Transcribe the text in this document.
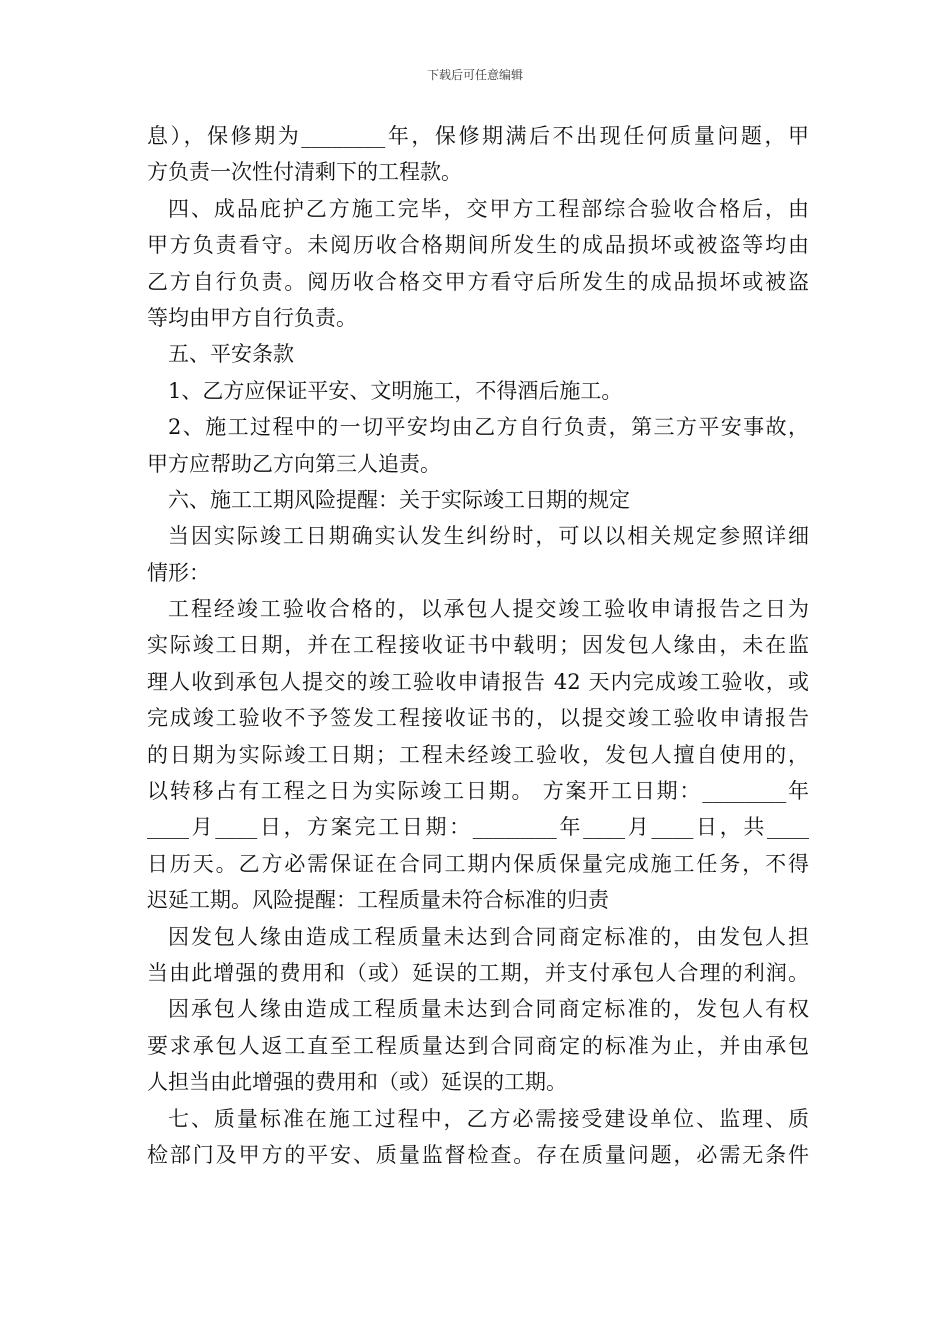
下载后可任意编辑
息），保修期为________年，保修期满后不出现任何质量问题，甲
方负责一次性付清剩下的工程款。
四、成品庇护乙方施工完毕，交甲方工程部综合验收合格后，由
甲方负责看守。未阅历收合格期间所发生的成品损坏或被盗等均由
乙方自行负责。阅历收合格交甲方看守后所发生的成品损坏或被盗
等均由甲方自行负责。
五、平安条款
1、乙方应保证平安、文明施工，不得酒后施工。
2、施工过程中的一切平安均由乙方自行负责，第三方平安事故，
甲方应帮助乙方向第三人追责。
六、施工工期风险提醒：关于实际竣工日期的规定
当因实际竣工日期确实认发生纠纷时，可以以相关规定参照详细
情形：
工程经竣工验收合格的，以承包人提交竣工验收申请报告之日为
实际竣工日期，并在工程接收证书中载明；因发包人缘由，未在监
理人收到承包人提交的竣工验收申请报告 42 天内完成竣工验收，或
完成竣工验收不予签发工程接收证书的，以提交竣工验收申请报告
的日期为实际竣工日期；工程未经竣工验收，发包人擅自使用的，
以转移占有工程之日为实际竣工日期。 方案开工日期：________年
____月____日，方案完工日期：________年____月____日，共____
日历天。乙方必需保证在合同工期内保质保量完成施工任务，不得
迟延工期。风险提醒：工程质量未符合标准的归责
因发包人缘由造成工程质量未达到合同商定标准的，由发包人担
当由此增强的费用和（或）延误的工期，并支付承包人合理的利润。
因承包人缘由造成工程质量未达到合同商定标准的，发包人有权
要求承包人返工直至工程质量达到合同商定的标准为止，并由承包
人担当由此增强的费用和（或）延误的工期。
七、质量标准在施工过程中，乙方必需接受建设单位、监理、质
检部门及甲方的平安、质量监督检查。存在质量问题，必需无条件
